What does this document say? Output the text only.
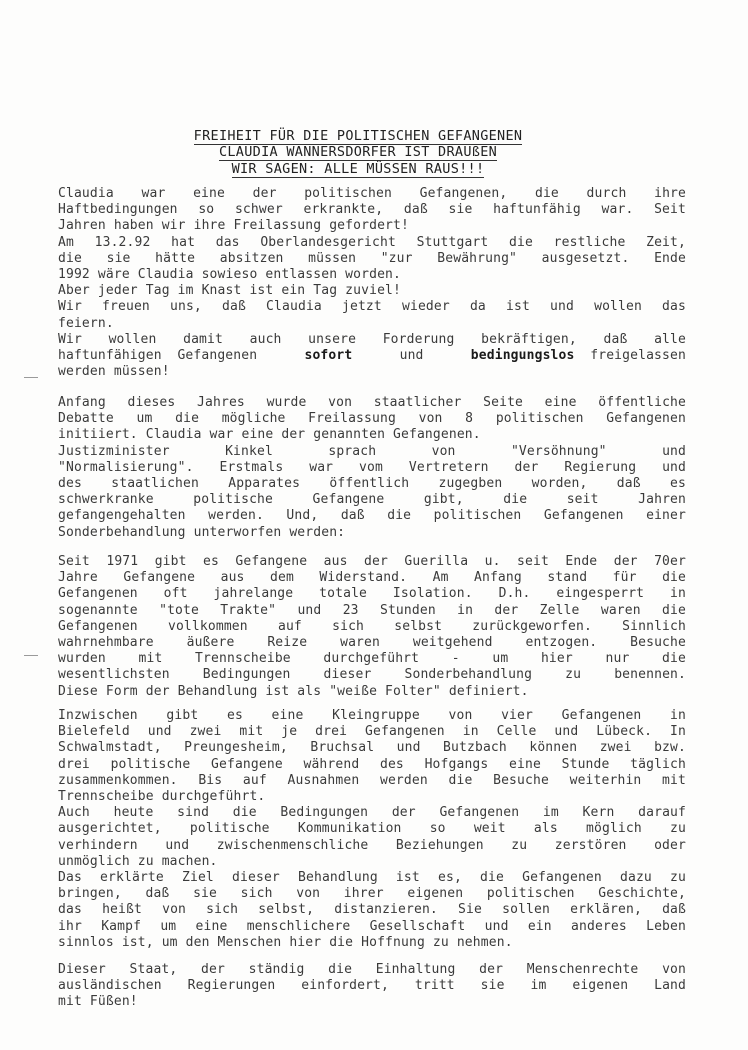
FREIHEIT FÜR DIE POLITISCHEN GEFANGENEN
CLAUDIA WANNERSDORFER IST DRAUßEN
WIR SAGEN: ALLE MÜSSEN RAUS!!!
Claudia war eine der politischen Gefangenen, die durch ihre
Haftbedingungen so schwer erkrankte, daß sie haftunfähig war. Seit
Jahren haben wir ihre Freilassung gefordert!
Am 13.2.92 hat das Oberlandesgericht Stuttgart die restliche Zeit,
die sie hätte absitzen müssen "zur Bewährung" ausgesetzt. Ende
1992 wäre Claudia sowieso entlassen worden.
Aber jeder Tag im Knast ist ein Tag zuviel!
Wir freuen uns, daß Claudia jetzt wieder da ist und wollen das
feiern.
Wir wollen damit auch unsere Forderung bekräftigen, daß alle
haftunfähigen Gefangenen	sofort	und	bedingungslos freigelassen
werden müssen!
Anfang dieses Jahres wurde von staatlicher Seite eine öffentliche
Debatte um die mögliche Freilassung von 8 politischen Gefangenen
initiiert. Claudia war eine der genannten Gefangenen.
Justizminister Kinkel sprach von "Versöhnung" und
"Normalisierung". Erstmals war vom Vertretern der Regierung und
des staatlichen Apparates öffentlich zugegben worden, daß es
schwerkranke politische Gefangene gibt, die seit Jahren
gefangengehalten werden. Und, daß die politischen Gefangenen einer
Sonderbehandlung unterworfen werden:
Seit 1971 gibt es Gefangene aus der Guerilla u. seit Ende der 70er
Jahre Gefangene aus dem Widerstand. Am Anfang stand für die
Gefangenen oft jahrelange totale Isolation. D.h. eingesperrt in
sogenannte "tote Trakte" und 23 Stunden in der Zelle waren die
Gefangenen vollkommen auf sich selbst zurückgeworfen. Sinnlich
wahrnehmbare äußere Reize waren weitgehend entzogen. Besuche
wurden mit Trennscheibe durchgeführt - um hier nur die
wesentlichsten Bedingungen dieser Sonderbehandlung zu benennen.
Diese Form der Behandlung ist als "weiße Folter" definiert.
Inzwischen gibt es eine Kleingruppe von vier Gefangenen in
Bielefeld und zwei mit je drei Gefangenen in Celle und Lübeck. In
Schwalmstadt, Preungesheim, Bruchsal und Butzbach können zwei bzw.
drei politische Gefangene während des Hofgangs eine Stunde täglich
zusammenkommen. Bis auf Ausnahmen werden die Besuche weiterhin mit
Trennscheibe durchgeführt.
Auch heute sind die Bedingungen der Gefangenen im Kern darauf
ausgerichtet, politische Kommunikation so weit als möglich zu
verhindern und zwischenmenschliche Beziehungen zu zerstören oder
unmöglich zu machen.
Das erklärte Ziel dieser Behandlung ist es, die Gefangenen dazu zu
bringen, daß sie sich von ihrer eigenen politischen Geschichte,
das heißt von sich selbst, distanzieren. Sie sollen erklären, daß
ihr Kampf um eine menschlichere Gesellschaft und ein anderes Leben
sinnlos ist, um den Menschen hier die Hoffnung zu nehmen.
Dieser Staat, der ständig die Einhaltung der Menschenrechte von
ausländischen Regierungen einfordert, tritt sie im eigenen Land
mit Füßen!
